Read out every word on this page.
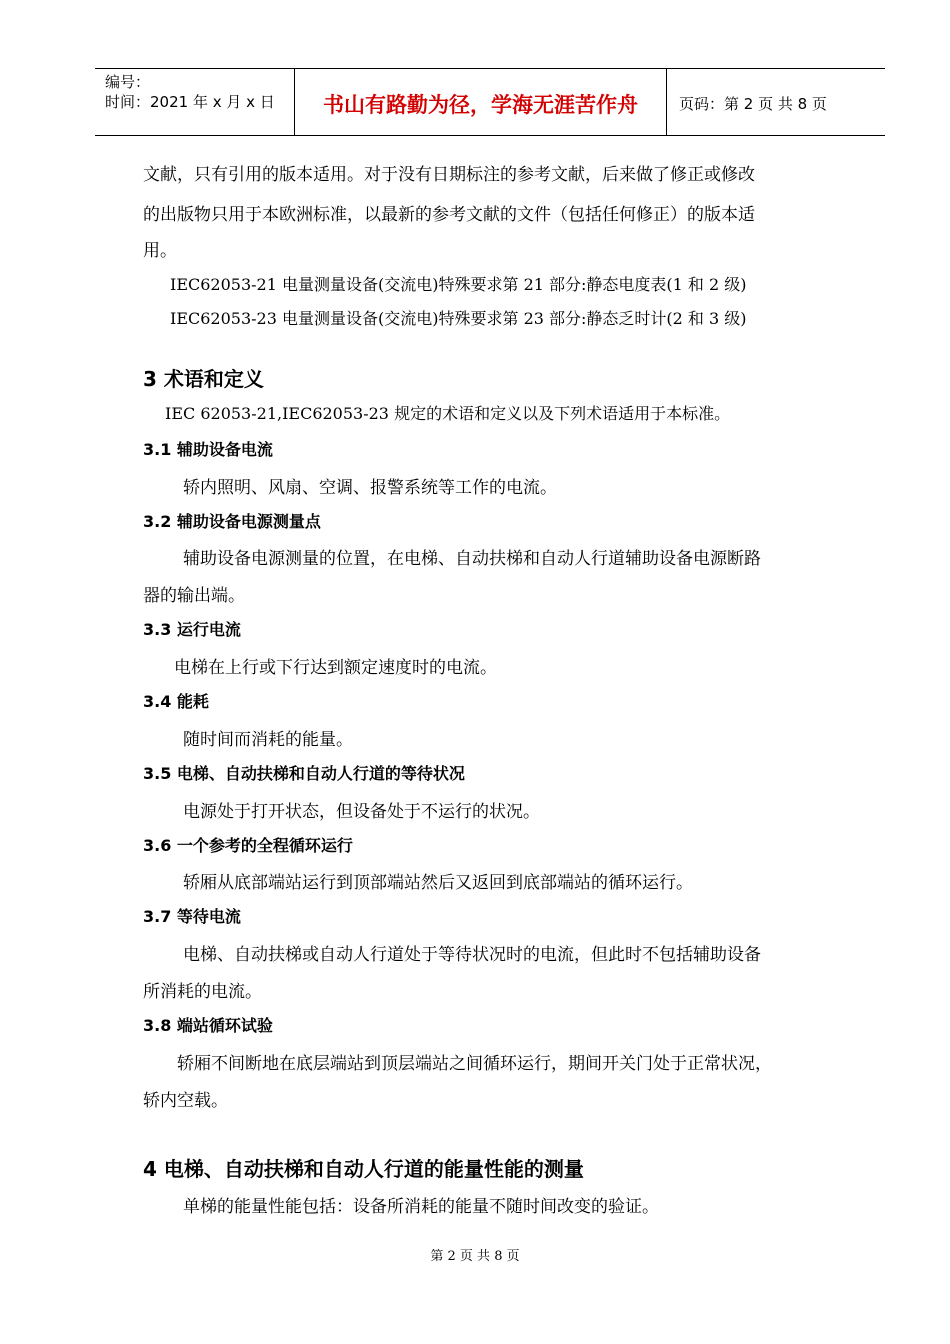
编号：
时间：2021 年 x 月 x 日	书山有路勤为径，学海无涯苦作舟	页码：第 2 页 共 8 页
文献，只有引用的版本适用。对于没有日期标注的参考文献，后来做了修正或修改
的出版物只用于本欧洲标准，以最新的参考文献的文件（包括任何修正）的版本适
用。
IEC62053-21 电量测量设备(交流电)特殊要求第 21 部分:静态电度表(1 和 2 级)
IEC62053-23 电量测量设备(交流电)特殊要求第 23 部分:静态乏时计(2 和 3 级)
3 术语和定义
IEC 62053-21,IEC62053-23 规定的术语和定义以及下列术语适用于本标准。
3.1 辅助设备电流
轿内照明、风扇、空调、报警系统等工作的电流。
3.2 辅助设备电源测量点
辅助设备电源测量的位置，在电梯、自动扶梯和自动人行道辅助设备电源断路
器的输出端。
3.3 运行电流
电梯在上行或下行达到额定速度时的电流。
3.4 能耗
随时间而消耗的能量。
3.5 电梯、自动扶梯和自动人行道的等待状况
电源处于打开状态，但设备处于不运行的状况。
3.6 一个参考的全程循环运行
轿厢从底部端站运行到顶部端站然后又返回到底部端站的循环运行。
3.7 等待电流
电梯、自动扶梯或自动人行道处于等待状况时的电流，但此时不包括辅助设备
所消耗的电流。
3.8 端站循环试验
轿厢不间断地在底层端站到顶层端站之间循环运行，期间开关门处于正常状况，
轿内空载。
4 电梯、自动扶梯和自动人行道的能量性能的测量
单梯的能量性能包括：设备所消耗的能量不随时间改变的验证。
第 2 页 共 8 页
